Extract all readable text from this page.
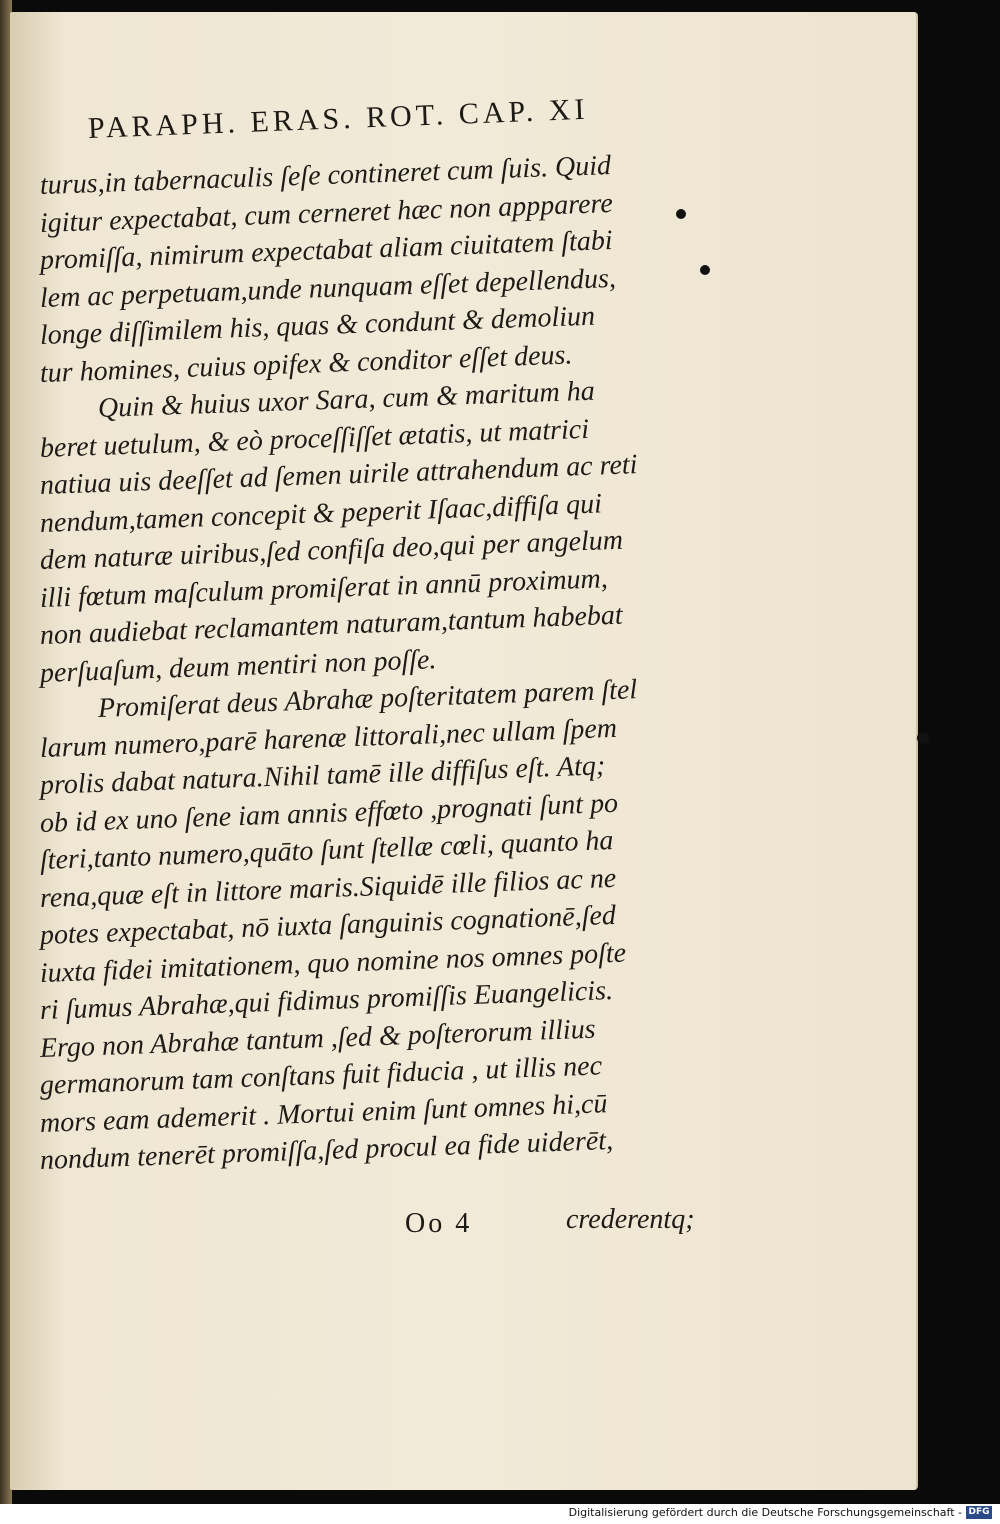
PARAPH. ERAS. ROT. CAP. XI
turus,in tabernaculis ſeſe contineret cum ſuis. Quid
igitur expectabat, cum cerneret hæc non appparere
promiſſa, nimirum expectabat aliam ciuitatem ſtabi
lem ac perpetuam,unde nunquam eſſet depellendus,
longe diſſimilem his, quas & condunt & demoliun
tur homines, cuius opifex & conditor eſſet deus.
Quin & huius uxor Sara, cum & maritum ha
beret uetulum, & eò proceſſiſſet ætatis, ut matrici
natiua uis deeſſet ad ſemen uirile attrahendum ac reti
nendum,tamen concepit & peperit Iſaac,diffiſa qui
dem naturæ uiribus,ſed confiſa deo,qui per angelum
illi fœtum maſculum promiſerat in annū proximum,
non audiebat reclamantem naturam,tantum habebat
perſuaſum, deum mentiri non poſſe.
Promiſerat deus Abrahæ poſteritatem parem ſtel
larum numero,parē harenæ littorali,nec ullam ſpem
prolis dabat natura.Nihil tamē ille diffiſus eſt. Atq;
ob id ex uno ſene iam annis effœto ,prognati ſunt po
ſteri,tanto numero,quāto ſunt ſtellæ cœli, quanto ha
rena,quæ eſt in littore maris.Siquidē ille filios ac ne
potes expectabat, nō iuxta ſanguinis cognationē,ſed
iuxta fidei imitationem, quo nomine nos omnes poſte
ri ſumus Abrahæ,qui fidimus promiſſis Euangelicis.
Ergo non Abrahæ tantum ,ſed & poſterorum illius
germanorum tam conſtans fuit fiducia , ut illis nec
mors eam ademerit . Mortui enim ſunt omnes hi,cū
nondum tenerēt promiſſa,ſed procul ea fide uiderēt,
Oo 4	crederentq;
Digitalisierung gefördert durch die Deutsche Forschungsgemeinschaft - DFG
